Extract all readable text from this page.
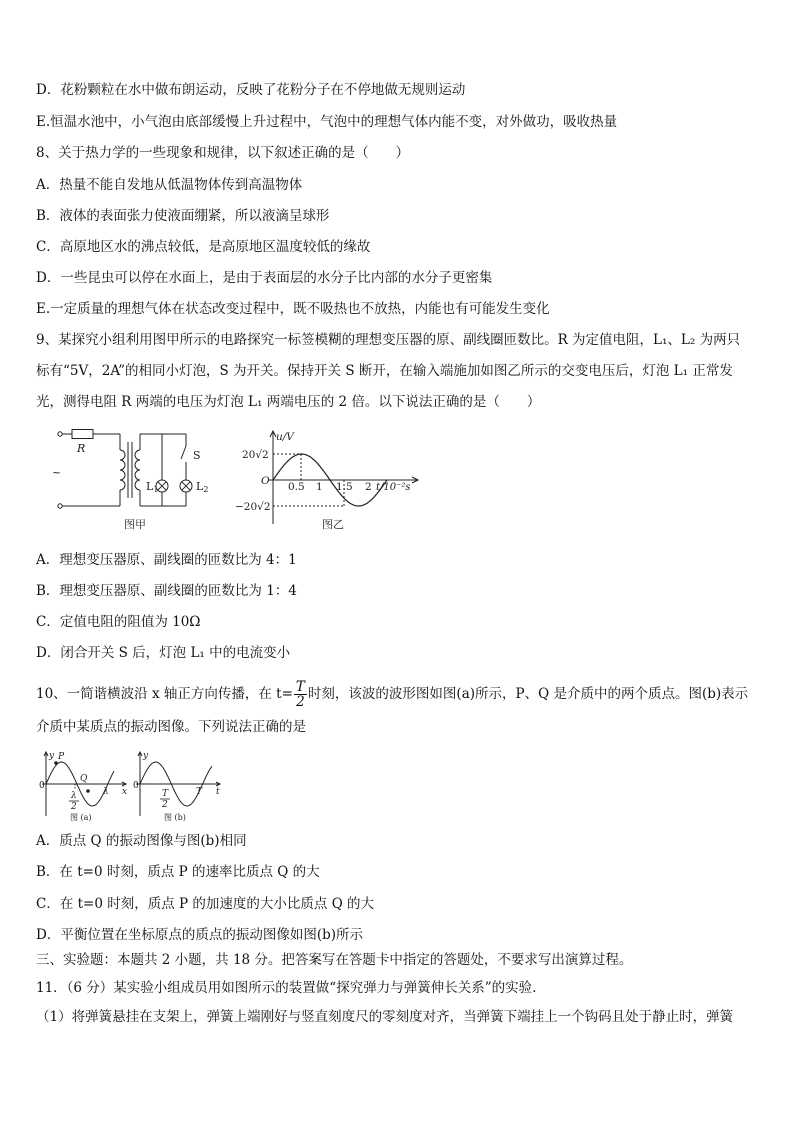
D．花粉颗粒在水中做布朗运动，反映了花粉分子在不停地做无规则运动
E.恒温水池中，小气泡由底部缓慢上升过程中，气泡中的理想气体内能不变，对外做功，吸收热量
8、关于热力学的一些现象和规律，以下叙述正确的是（　　）
A．热量不能自发地从低温物体传到高温物体
B．液体的表面张力使液面绷紧，所以液滴呈球形
C．高原地区水的沸点较低，是高原地区温度较低的缘故
D．一些昆虫可以停在水面上，是由于表面层的水分子比内部的水分子更密集
E.一定质量的理想气体在状态改变过程中，既不吸热也不放热，内能也有可能发生变化
9、某探究小组利用图甲所示的电路探究一标签模糊的理想变压器的原、副线圈匝数比。R 为定值电阻，L₁、L₂ 为两只
标有“5V，2A”的相同小灯泡，S 为开关。保持开关 S 断开，在输入端施加如图乙所示的交变电压后，灯泡 L₁ 正常发
光，测得电阻 R 两端的电压为灯泡 L₁ 两端电压的 2 倍。以下说法正确的是（　　）
R
~
S
L1	L2
图甲
u/V
20√2
−20√2
O 0.5 1 1.5 2 t/10⁻²s
图乙
A．理想变压器原、副线圈的匝数比为 4：1
B．理想变压器原、副线圈的匝数比为 1：4
C．定值电阻的阻值为 10Ω
D．闭合开关 S 后，灯泡 L₁ 中的电流变小
10、一简谐横波沿 x 轴正方向传播，在 $t= \frac{T}{2}$ 时刻，该波的波形图如图(a)所示，P、Q 是介质中的两个质点。图(b)表示
介质中某质点的振动图像。下列说法正确的是
y P
Q
x
λ
λ
2
0
图 (a)
y
t
T
T
2
0
图 (b)
A．质点 Q 的振动图像与图(b)相同
B．在 t=0 时刻，质点 P 的速率比质点 Q 的大
C．在 t=0 时刻，质点 P 的加速度的大小比质点 Q 的大
D．平衡位置在坐标原点的质点的振动图像如图(b)所示
三、实验题：本题共 2 小题，共 18 分。把答案写在答题卡中指定的答题处，不要求写出演算过程。
11．（6 分）某实验小组成员用如图所示的装置做“探究弹力与弹簧伸长关系”的实验.
（1）将弹簧悬挂在支架上，弹簧上端刚好与竖直刻度尺的零刻度对齐，当弹簧下端挂上一个钩码且处于静止时，弹簧
